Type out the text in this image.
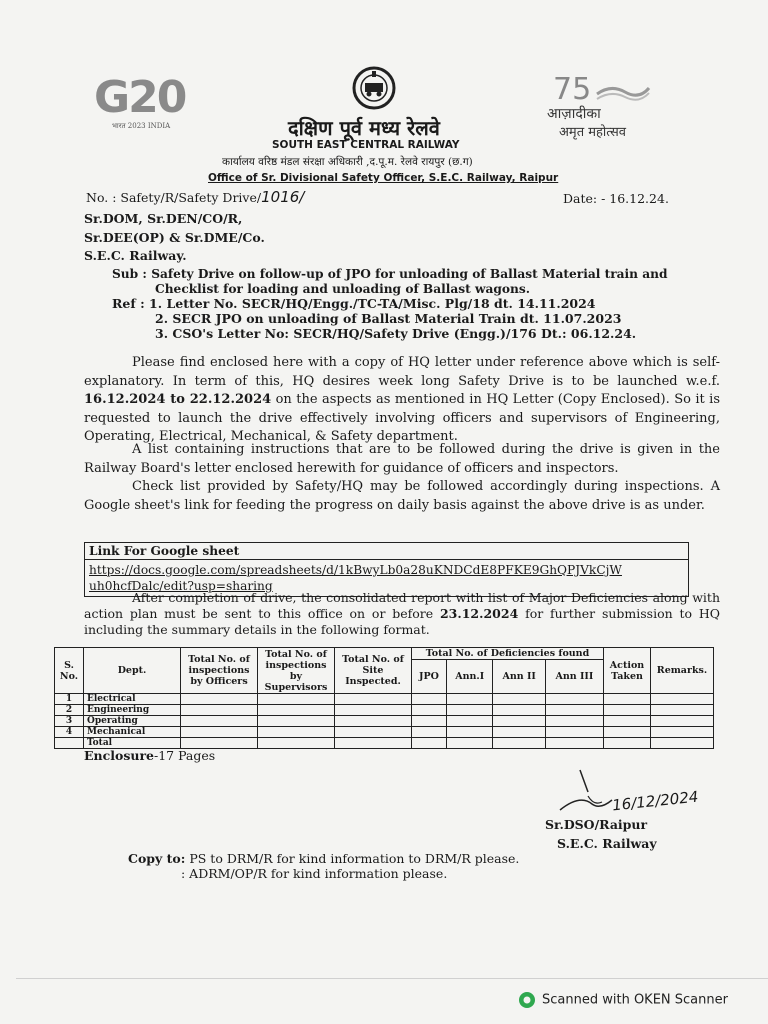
G20
भारत 2023 INDIA
75
आज़ादीका
अमृत महोत्सव
दक्षिण पूर्व मध्य रेलवे
SOUTH EAST CENTRAL RAILWAY
कार्यालय वरिष्ठ मंडल संरक्षा अधिकारी ,द.पू.म. रेलवे रायपुर (छ.ग)
Office of Sr. Divisional Safety Officer, S.E.C. Railway, Raipur
No. : Safety/R/Safety Drive/1016/	Date: - 16.12.24.
Sr.DOM, Sr.DEN/CO/R,
Sr.DEE(OP) & Sr.DME/Co.
S.E.C. Railway.
Sub : Safety Drive on follow-up of JPO for unloading of Ballast Material train and
Checklist for loading and unloading of Ballast wagons.
Ref : 1. Letter No. SECR/HQ/Engg./TC-TA/Misc. Plg/18 dt. 14.11.2024
2. SECR JPO on unloading of Ballast Material Train dt. 11.07.2023
3. CSO's Letter No: SECR/HQ/Safety Drive (Engg.)/176 Dt.: 06.12.24.

Please find enclosed here with a copy of HQ letter under reference above which is self-explanatory. In term of this, HQ desires week long Safety Drive is to be launched w.e.f. 16.12.2024 to 22.12.2024 on the aspects as mentioned in HQ Letter (Copy Enclosed). So it is requested to launch the drive effectively involving officers and supervisors of Engineering, Operating, Electrical, Mechanical, & Safety department.

A list containing instructions that are to be followed during the drive is given in the Railway Board's letter enclosed herewith for guidance of officers and inspectors.

Check list provided by Safety/HQ may be followed accordingly during inspections. A Google sheet's link for feeding the progress on daily basis against the above drive is as under.

Link For Google sheet
https://docs.google.com/spreadsheets/d/1kBwyLb0a28uKNDCdE8PFKE9GhQPJVkCjW
uh0hcfDalc/edit?usp=sharing

After completion of drive, the consolidated report with list of Major Deficiencies along with action plan must be sent to this office on or before 23.12.2024 for further submission to HQ including the summary details in the following format.

S. No.	Dept.	Total No. of inspections by Officers	Total No. of inspections by Supervisors	Total No. of Site Inspected.	Total No. of Deficiencies found				Action Taken	Remarks.
					JPO	Ann.I	Ann II	Ann III		
1	Electrical									
2	Engineering									
3	Operating									
4	Mechanical									
	Total									
Enclosure-17 Pages
16/12/2024
Sr.DSO/Raipur
S.E.C. Railway
Copy to: PS to DRM/R for kind information to DRM/R please.
: ADRM/OP/R for kind information please.
Scanned with OKEN Scanner
